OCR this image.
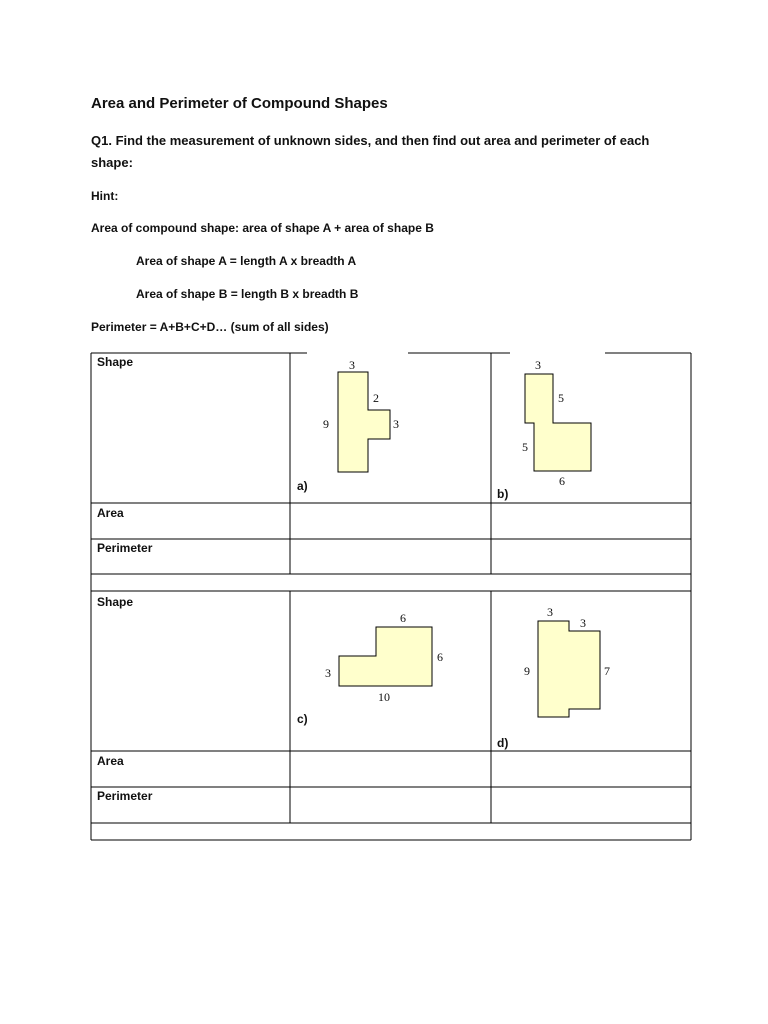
Area and Perimeter of Compound Shapes
Q1. Find the measurement of unknown sides, and then find out area and perimeter of each
shape:
Hint:
Area of compound shape: area of shape A + area of shape B
Area of shape A = length A x breadth A
Area of shape B = length B x breadth B
Perimeter = A+B+C+D… (sum of all sides)
Shape
Area
Perimeter
Shape
Area
Perimeter
3
2
9	3
a)
3
5
5
6
b)
6
6
3
10
c)
3
3
9	7
d)
